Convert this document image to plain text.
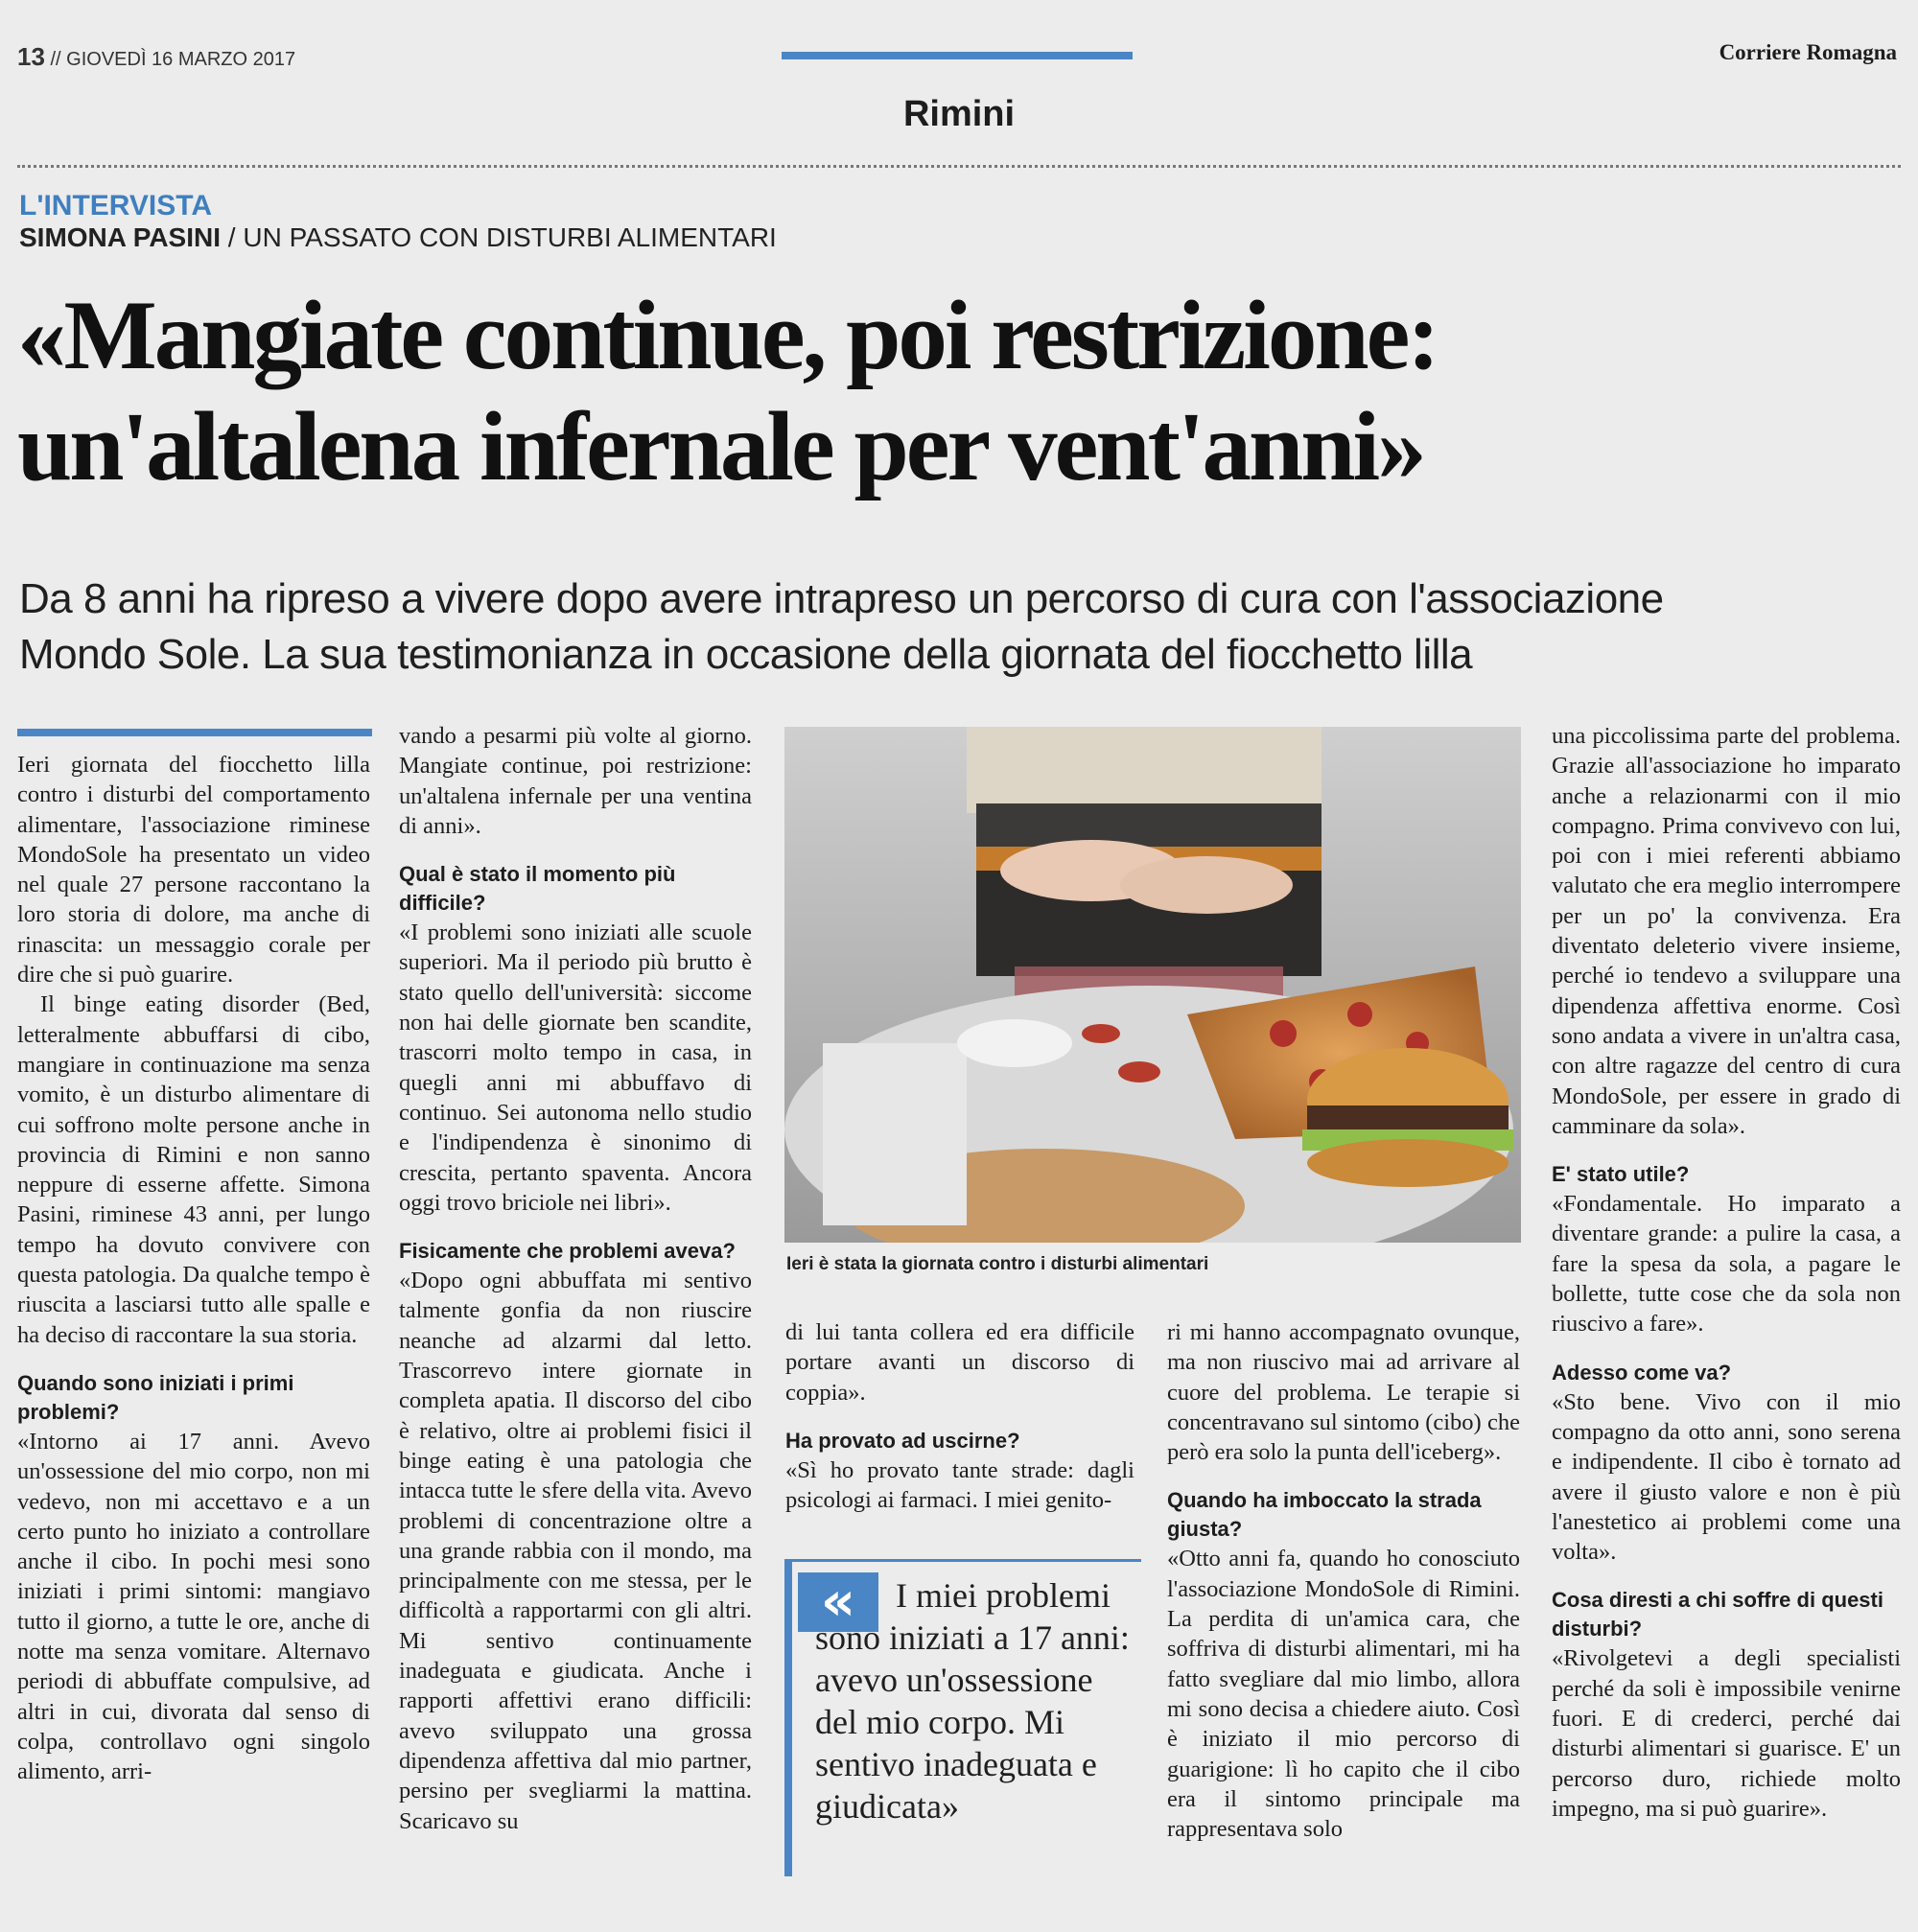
13 // GIOVEDÌ 16 MARZO 2017	Corriere Romagna
Rimini
L'INTERVISTA
SIMONA PASINI / UN PASSATO CON DISTURBI ALIMENTARI
«Mangiate continue, poi restrizione:
un'altalena infernale per vent'anni»
Da 8 anni ha ripreso a vivere dopo avere intrapreso un percorso di cura con l'associazione
Mondo Sole. La sua testimonianza in occasione della giornata del fiocchetto lilla

Ieri giornata del fiocchetto lilla contro i disturbi del comportamento alimentare, l'associazione riminese MondoSole ha presentato un video nel quale 27 persone raccontano la loro storia di dolore, ma anche di rinascita: un messaggio corale per dire che si può guarire.

Il binge eating disorder (Bed, letteralmente abbuffarsi di cibo, mangiare in continuazione ma senza vomito, è un disturbo alimentare di cui soffrono molte persone anche in provincia di Rimini e non sanno neppure di esserne affette. Simona Pasini, riminese 43 anni, per lungo tempo ha dovuto convivere con questa patologia. Da qualche tempo è riuscita a lasciarsi tutto alle spalle e ha deciso di raccontare la sua storia.

Quando sono iniziati i primi problemi?

«Intorno ai 17 anni. Avevo un'ossessione del mio corpo, non mi vedevo, non mi accettavo e a un certo punto ho iniziato a controllare anche il cibo. In pochi mesi sono iniziati i primi sintomi: mangiavo tutto il giorno, a tutte le ore, anche di notte ma senza vomitare. Alternavo periodi di abbuffate compulsive, ad altri in cui, divorata dal senso di colpa, controllavo ogni singolo alimento, arri-

vando a pesarmi più volte al giorno. Mangiate continue, poi restrizione: un'altalena infernale per una ventina di anni».

Qual è stato il momento più difficile?

«I problemi sono iniziati alle scuole superiori. Ma il periodo più brutto è stato quello dell'università: siccome non hai delle giornate ben scandite, trascorri molto tempo in casa, in quegli anni mi abbuffavo di continuo. Sei autonoma nello studio e l'indipendenza è sinonimo di crescita, pertanto spaventa. Ancora oggi trovo briciole nei libri».

Fisicamente che problemi aveva?

«Dopo ogni abbuffata mi sentivo talmente gonfia da non riuscire neanche ad alzarmi dal letto. Trascorrevo intere giornate in completa apatia. Il discorso del cibo è relativo, oltre ai problemi fisici il binge eating è una patologia che intacca tutte le sfere della vita. Avevo problemi di concentrazione oltre a una grande rabbia con il mondo, ma principalmente con me stessa, per le difficoltà a rapportarmi con gli altri. Mi sentivo continuamente inadeguata e giudicata. Anche i rapporti affettivi erano difficili: avevo sviluppato una grossa dipendenza affettiva dal mio partner, persino per svegliarmi la mattina. Scaricavo su

Ieri è stata la giornata contro i disturbi alimentari

di lui tanta collera ed era difficile portare avanti un discorso di coppia».

Ha provato ad uscirne?

«Sì ho provato tante strade: dagli psicologi ai farmaci. I miei genito-

«	I miei problemi sono iniziati a 17 anni: avevo un'ossessione del mio corpo. Mi sentivo inadeguata e giudicata»

ri mi hanno accompagnato ovunque, ma non riuscivo mai ad arrivare al cuore del problema. Le terapie si concentravano sul sintomo (cibo) che però era solo la punta dell'iceberg».

Quando ha imboccato la strada giusta?

«Otto anni fa, quando ho conosciuto l'associazione MondoSole di Rimini. La perdita di un'amica cara, che soffriva di disturbi alimentari, mi ha fatto svegliare dal mio limbo, allora mi sono decisa a chiedere aiuto. Così è iniziato il mio percorso di guarigione: lì ho capito che il cibo era il sintomo principale ma rappresentava solo

una piccolissima parte del problema. Grazie all'associazione ho imparato anche a relazionarmi con il mio compagno. Prima convivevo con lui, poi con i miei referenti abbiamo valutato che era meglio interrompere per un po' la convivenza. Era diventato deleterio vivere insieme, perché io tendevo a sviluppare una dipendenza affettiva enorme. Così sono andata a vivere in un'altra casa, con altre ragazze del centro di cura MondoSole, per essere in grado di camminare da sola».

E' stato utile?

«Fondamentale. Ho imparato a diventare grande: a pulire la casa, a fare la spesa da sola, a pagare le bollette, tutte cose che da sola non riuscivo a fare».

Adesso come va?

«Sto bene. Vivo con il mio compagno da otto anni, sono serena e indipendente. Il cibo è tornato ad avere il giusto valore e non è più l'anestetico ai problemi come una volta».

Cosa diresti a chi soffre di questi disturbi?

«Rivolgetevi a degli specialisti perché da soli è impossibile venirne fuori. E di crederci, perché dai disturbi alimentari si guarisce. E' un percorso duro, richiede molto impegno, ma si può guarire».
